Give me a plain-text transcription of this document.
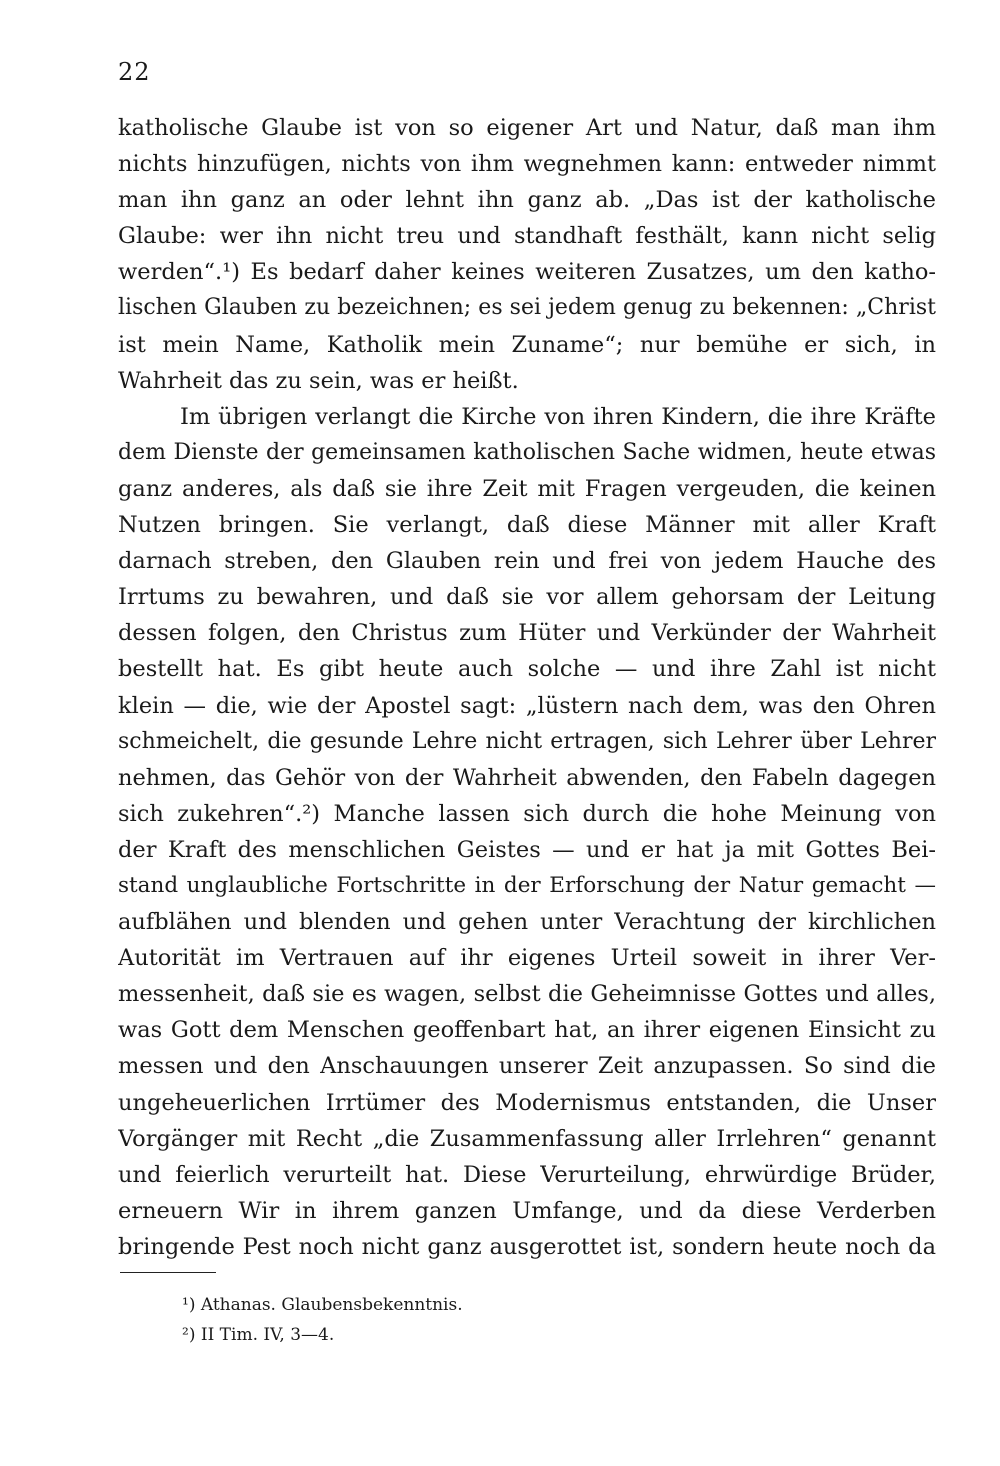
22
katholische Glaube ist von so eigener Art und Natur, daß man ihm
nichts hinzufügen, nichts von ihm wegnehmen kann: entweder nimmt
man ihn ganz an oder lehnt ihn ganz ab. „Das ist der katholische
Glaube: wer ihn nicht treu und standhaft festhält, kann nicht selig
werden“.¹) Es bedarf daher keines weiteren Zusatzes, um den katho-
lischen Glauben zu bezeichnen; es sei jedem genug zu bekennen: „Christ
ist mein Name, Katholik mein Zuname“; nur bemühe er sich, in
Wahrheit das zu sein, was er heißt.
Im übrigen verlangt die Kirche von ihren Kindern, die ihre Kräfte
dem Dienste der gemeinsamen katholischen Sache widmen, heute etwas
ganz anderes, als daß sie ihre Zeit mit Fragen vergeuden, die keinen
Nutzen bringen. Sie verlangt, daß diese Männer mit aller Kraft
darnach streben, den Glauben rein und frei von jedem Hauche des
Irrtums zu bewahren, und daß sie vor allem gehorsam der Leitung
dessen folgen, den Christus zum Hüter und Verkünder der Wahrheit
bestellt hat. Es gibt heute auch solche — und ihre Zahl ist nicht
klein — die, wie der Apostel sagt: „lüstern nach dem, was den Ohren
schmeichelt, die gesunde Lehre nicht ertragen, sich Lehrer über Lehrer
nehmen, das Gehör von der Wahrheit abwenden, den Fabeln dagegen
sich zukehren“.²) Manche lassen sich durch die hohe Meinung von
der Kraft des menschlichen Geistes — und er hat ja mit Gottes Bei-
stand unglaubliche Fortschritte in der Erforschung der Natur gemacht —
aufblähen und blenden und gehen unter Verachtung der kirchlichen
Autorität im Vertrauen auf ihr eigenes Urteil soweit in ihrer Ver-
messenheit, daß sie es wagen, selbst die Geheimnisse Gottes und alles,
was Gott dem Menschen geoffenbart hat, an ihrer eigenen Einsicht zu
messen und den Anschauungen unserer Zeit anzupassen. So sind die
ungeheuerlichen Irrtümer des Modernismus entstanden, die Unser
Vorgänger mit Recht „die Zusammenfassung aller Irrlehren“ genannt
und feierlich verurteilt hat. Diese Verurteilung, ehrwürdige Brüder,
erneuern Wir in ihrem ganzen Umfange, und da diese Verderben
bringende Pest noch nicht ganz ausgerottet ist, sondern heute noch da
¹) Athanas. Glaubensbekenntnis.
²) II Tim. IV, 3—4.
